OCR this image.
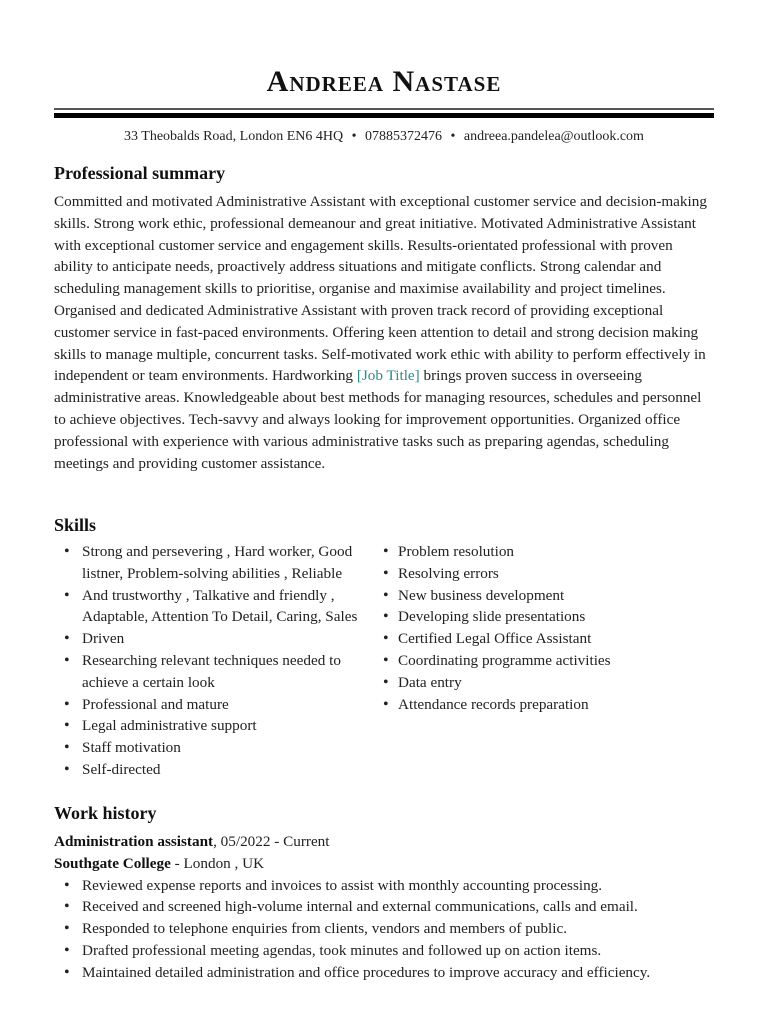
Andreea Nastase
33 Theobalds Road, London EN6 4HQ • 07885372476 • andreea.pandelea@outlook.com
Professional summary
Committed and motivated Administrative Assistant with exceptional customer service and decision-making skills. Strong work ethic, professional demeanour and great initiative. Motivated Administrative Assistant with exceptional customer service and engagement skills. Results-orientated professional with proven ability to anticipate needs, proactively address situations and mitigate conflicts. Strong calendar and scheduling management skills to prioritise, organise and maximise availability and project timelines. Organised and dedicated Administrative Assistant with proven track record of providing exceptional customer service in fast-paced environments. Offering keen attention to detail and strong decision making skills to manage multiple, concurrent tasks. Self-motivated work ethic with ability to perform effectively in independent or team environments. Hardworking [Job Title] brings proven success in overseeing administrative areas. Knowledgeable about best methods for managing resources, schedules and personnel to achieve objectives. Tech-savvy and always looking for improvement opportunities. Organized office professional with experience with various administrative tasks such as preparing agendas, scheduling meetings and providing customer assistance.
Skills
• Strong and persevering , Hard worker, Good listner, Problem-solving abilities , Reliable
• And trustworthy , Talkative and friendly , Adaptable, Attention To Detail, Caring, Sales
• Driven
• Researching relevant techniques needed to achieve a certain look
• Professional and mature
• Legal administrative support
• Staff motivation
• Self-directed
• Problem resolution
• Resolving errors
• New business development
• Developing slide presentations
• Certified Legal Office Assistant
• Coordinating programme activities
• Data entry
• Attendance records preparation
Work history
Administration assistant, 05/2022 - Current
Southgate College - London , UK
• Reviewed expense reports and invoices to assist with monthly accounting processing.
• Received and screened high-volume internal and external communications, calls and email.
• Responded to telephone enquiries from clients, vendors and members of public.
• Drafted professional meeting agendas, took minutes and followed up on action items.
• Maintained detailed administration and office procedures to improve accuracy and efficiency.
